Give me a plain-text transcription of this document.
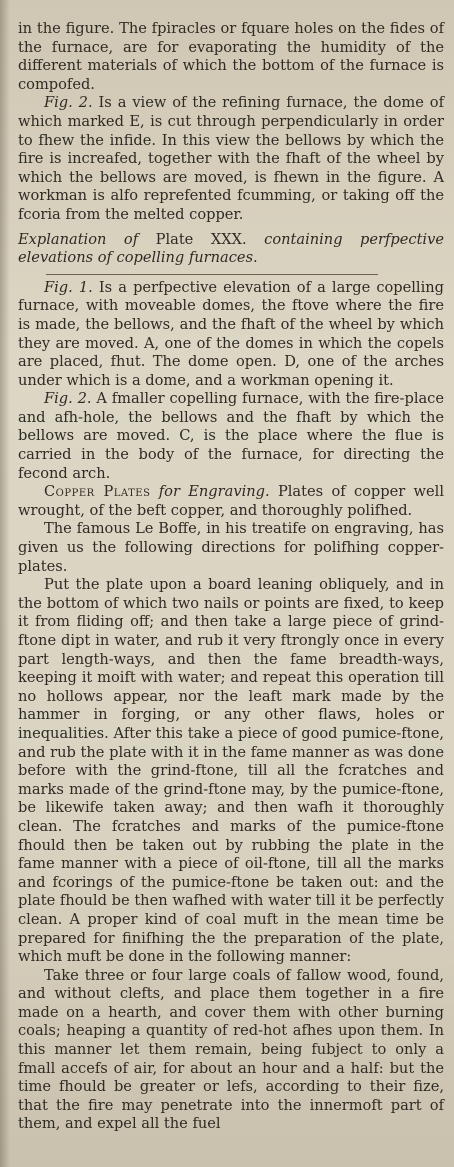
in the figure. The fpiracles or fquare holes on the fides of the furnace, are for evaporating the humidity of the different materials of which the bottom of the furnace is compofed.

Fig. 2. Is a view of the refining furnace, the dome of which marked E, is cut through perpendicularly in order to fhew the infide. In this view the bellows by which the fire is increafed, together with the fhaft of the wheel by which the bellows are moved, is fhewn in the figure. A workman is alfo reprefented fcumming, or taking off the fcoria from the melted copper.

Explanation of Plate XXX. containing perfpective elevations of copelling furnaces.

Fig. 1. Is a perfpective elevation of a large copelling furnace, with moveable domes, the ftove where the fire is made, the bellows, and the fhaft of the wheel by which they are moved. A, one of the domes in which the copels are placed, fhut. The dome open. D, one of the arches under which is a dome, and a workman opening it.

Fig. 2. A fmaller copelling furnace, with the fire-place and afh-hole, the bellows and the fhaft by which the bellows are moved. C, is the place where the flue is carried in the body of the furnace, for directing the fecond arch.

Copper Plates for Engraving. Plates of copper well wrought, of the beft copper, and thoroughly polifhed.

The famous Le Boffe, in his treatife on engraving, has given us the following directions for polifhing copper-plates.

Put the plate upon a board leaning obliquely, and in the bottom of which two nails or points are fixed, to keep it from fliding off; and then take a large piece of grind-ftone dipt in water, and rub it very ftrongly once in every part length-ways, and then the fame breadth-ways, keeping it moift with water; and repeat this operation till no hollows appear, nor the leaft mark made by the hammer in forging, or any other flaws, holes or inequalities. After this take a piece of good pumice-ftone, and rub the plate with it in the fame manner as was done before with the grind-ftone, till all the fcratches and marks made of the grind-ftone may, by the pumice-ftone, be likewife taken away; and then wafh it thoroughly clean. The fcratches and marks of the pumice-ftone fhould then be taken out by rubbing the plate in the fame manner with a piece of oil-ftone, till all the marks and fcorings of the pumice-ftone be taken out: and the plate fhould be then wafhed with water till it be perfectly clean. A proper kind of coal muft in the mean time be prepared for finifhing the the preparation of the plate, which muft be done in the following manner:

Take three or four large coals of fallow wood, found, and without clefts, and place them together in a fire made on a hearth, and cover them with other burning coals; heaping a quantity of red-hot afhes upon them. In this manner let them remain, being fubject to only a fmall accefs of air, for about an hour and a half: but the time fhould be greater or lefs, according to their fize, that the fire may penetrate into the innermoft part of them, and expel all the fuel
